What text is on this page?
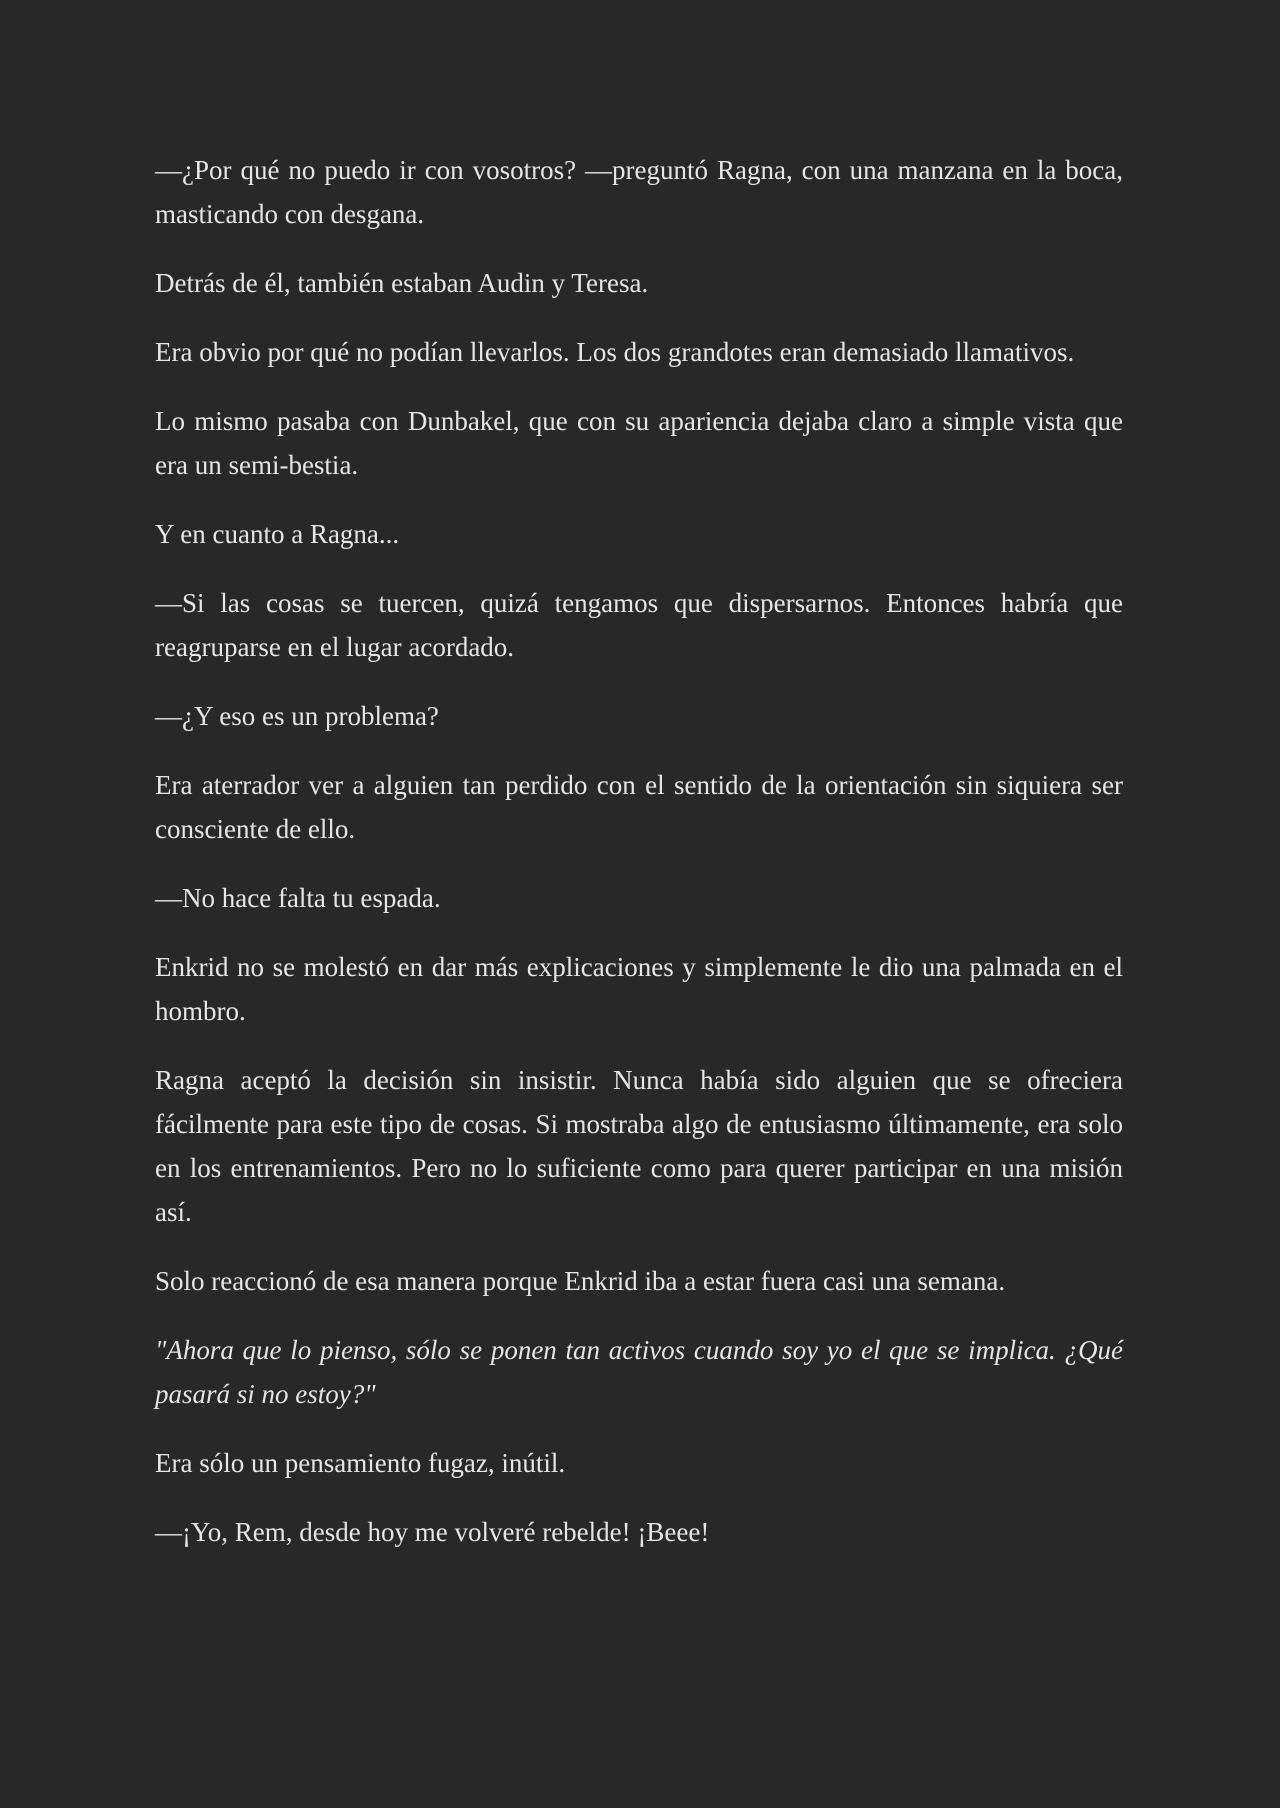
—¿Por qué no puedo ir con vosotros? —preguntó Ragna, con una manzana en la boca, masticando con desgana.

Detrás de él, también estaban Audin y Teresa.

Era obvio por qué no podían llevarlos. Los dos grandotes eran demasiado llamativos.

Lo mismo pasaba con Dunbakel, que con su apariencia dejaba claro a simple vista que era un semi-bestia.

Y en cuanto a Ragna...

—Si las cosas se tuercen, quizá tengamos que dispersarnos. Entonces habría que reagruparse en el lugar acordado.

—¿Y eso es un problema?

Era aterrador ver a alguien tan perdido con el sentido de la orientación sin siquiera ser consciente de ello.

—No hace falta tu espada.

Enkrid no se molestó en dar más explicaciones y simplemente le dio una palmada en el hombro.

Ragna aceptó la decisión sin insistir. Nunca había sido alguien que se ofreciera fácilmente para este tipo de cosas. Si mostraba algo de entusiasmo últimamente, era solo en los entrenamientos. Pero no lo suficiente como para querer participar en una misión así.

Solo reaccionó de esa manera porque Enkrid iba a estar fuera casi una semana.

"Ahora que lo pienso, sólo se ponen tan activos cuando soy yo el que se implica. ¿Qué pasará si no estoy?"

Era sólo un pensamiento fugaz, inútil.

—¡Yo, Rem, desde hoy me volveré rebelde! ¡Beee!
